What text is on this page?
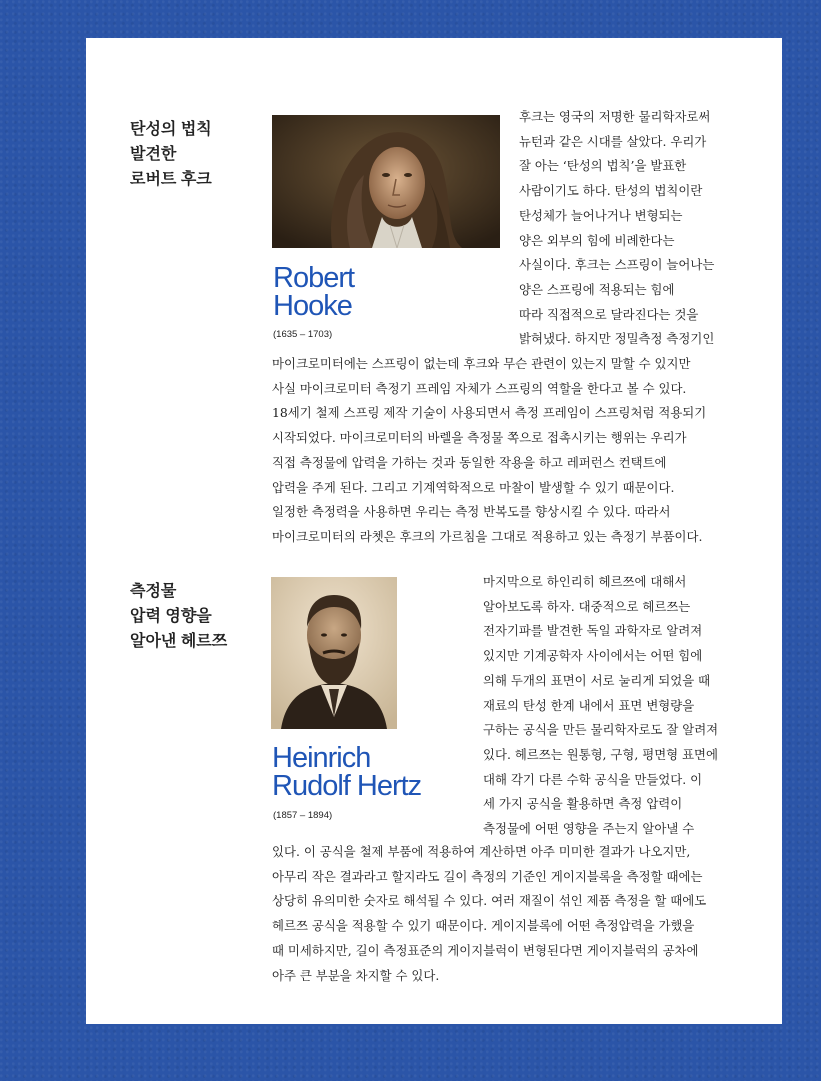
탄성의 법칙
발견한
로버트 후크
Robert
Hooke
(1635 – 1703)
후크는 영국의 저명한 물리학자로써
뉴턴과 같은 시대를 살았다. 우리가
잘 아는 ‘탄성의 법칙’을 발표한
사람이기도 하다. 탄성의 법칙이란
탄성체가 늘어나거나 변형되는
양은 외부의 힘에 비례한다는
사실이다. 후크는 스프링이 늘어나는
양은 스프링에 적용되는 힘에
따라 직접적으로 달라진다는 것을
밝혀냈다. 하지만 정밀측정 측정기인
마이크로미터에는 스프링이 없는데 후크와 무슨 관련이 있는지 말할 수 있지만
사실 마이크로미터 측정기 프레임 자체가 스프링의 역할을 한다고 볼 수 있다.
18세기 철제 스프링 제작 기술이 사용되면서 측정 프레임이 스프링처럼 적용되기
시작되었다. 마이크로미터의 바렐을 측정물 쪽으로 접촉시키는 행위는 우리가
직접 측정물에 압력을 가하는 것과 동일한 작용을 하고 레퍼런스 컨택트에
압력을 주게 된다. 그리고 기계역학적으로 마찰이 발생할 수 있기 때문이다.
일정한 측정력을 사용하면 우리는 측정 반복도를 향상시킬 수 있다. 따라서
마이크로미터의 라쳇은 후크의 가르침을 그대로 적용하고 있는 측정기 부품이다.
측정물
압력 영향을
알아낸 헤르쯔
Heinrich
Rudolf Hertz
(1857 – 1894)
마지막으로 하인리히 헤르쯔에 대해서
알아보도록 하자. 대중적으로 헤르쯔는
전자기파를 발견한 독일 과학자로 알려져
있지만 기계공학자 사이에서는 어떤 힘에
의해 두개의 표면이 서로 눌리게 되었을 때
재료의 탄성 한계 내에서 표면 변형량을
구하는 공식을 만든 물리학자로도 잘 알려져
있다. 헤르쯔는 원통형, 구형, 평면형 표면에
대해 각기 다른 수학 공식을 만들었다. 이
세 가지 공식을 활용하면 측정 압력이
측정물에 어떤 영향을 주는지 알아낼 수
있다. 이 공식을 철제 부품에 적용하여 계산하면 아주 미미한 결과가 나오지만,
아무리 작은 결과라고 할지라도 길이 측정의 기준인 게이지블록을 측정할 때에는
상당히 유의미한 숫자로 해석될 수 있다. 여러 재질이 섞인 제품 측정을 할 때에도
헤르쯔 공식을 적용할 수 있기 때문이다. 게이지블록에 어떤 측정압력을 가했을
때 미세하지만, 길이 측정표준의 게이지블럭이 변형된다면 게이지블럭의 공차에
아주 큰 부분을 차지할 수 있다.
